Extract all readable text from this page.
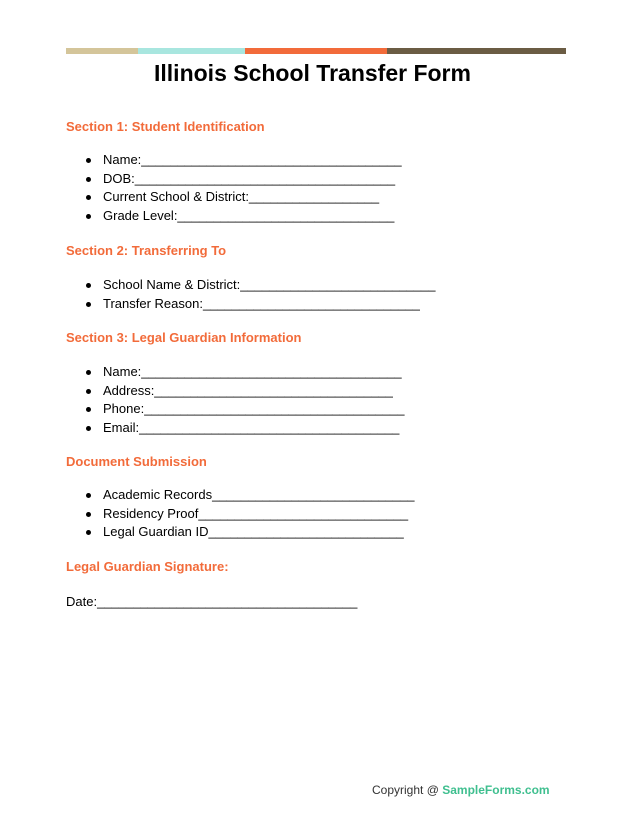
Illinois School Transfer Form
Section 1: Student Identification
Name:____________________________________
DOB:____________________________________
Current School & District:__________________
Grade Level:______________________________
Section 2: Transferring To
School Name & District:___________________________
Transfer Reason:______________________________
Section 3: Legal Guardian Information
Name:____________________________________
Address:_________________________________
Phone:____________________________________
Email:____________________________________
Document Submission
Academic Records____________________________
Residency Proof_____________________________
Legal Guardian ID___________________________
Legal Guardian Signature:

Date:____________________________________

Copyright @ SampleForms.com
